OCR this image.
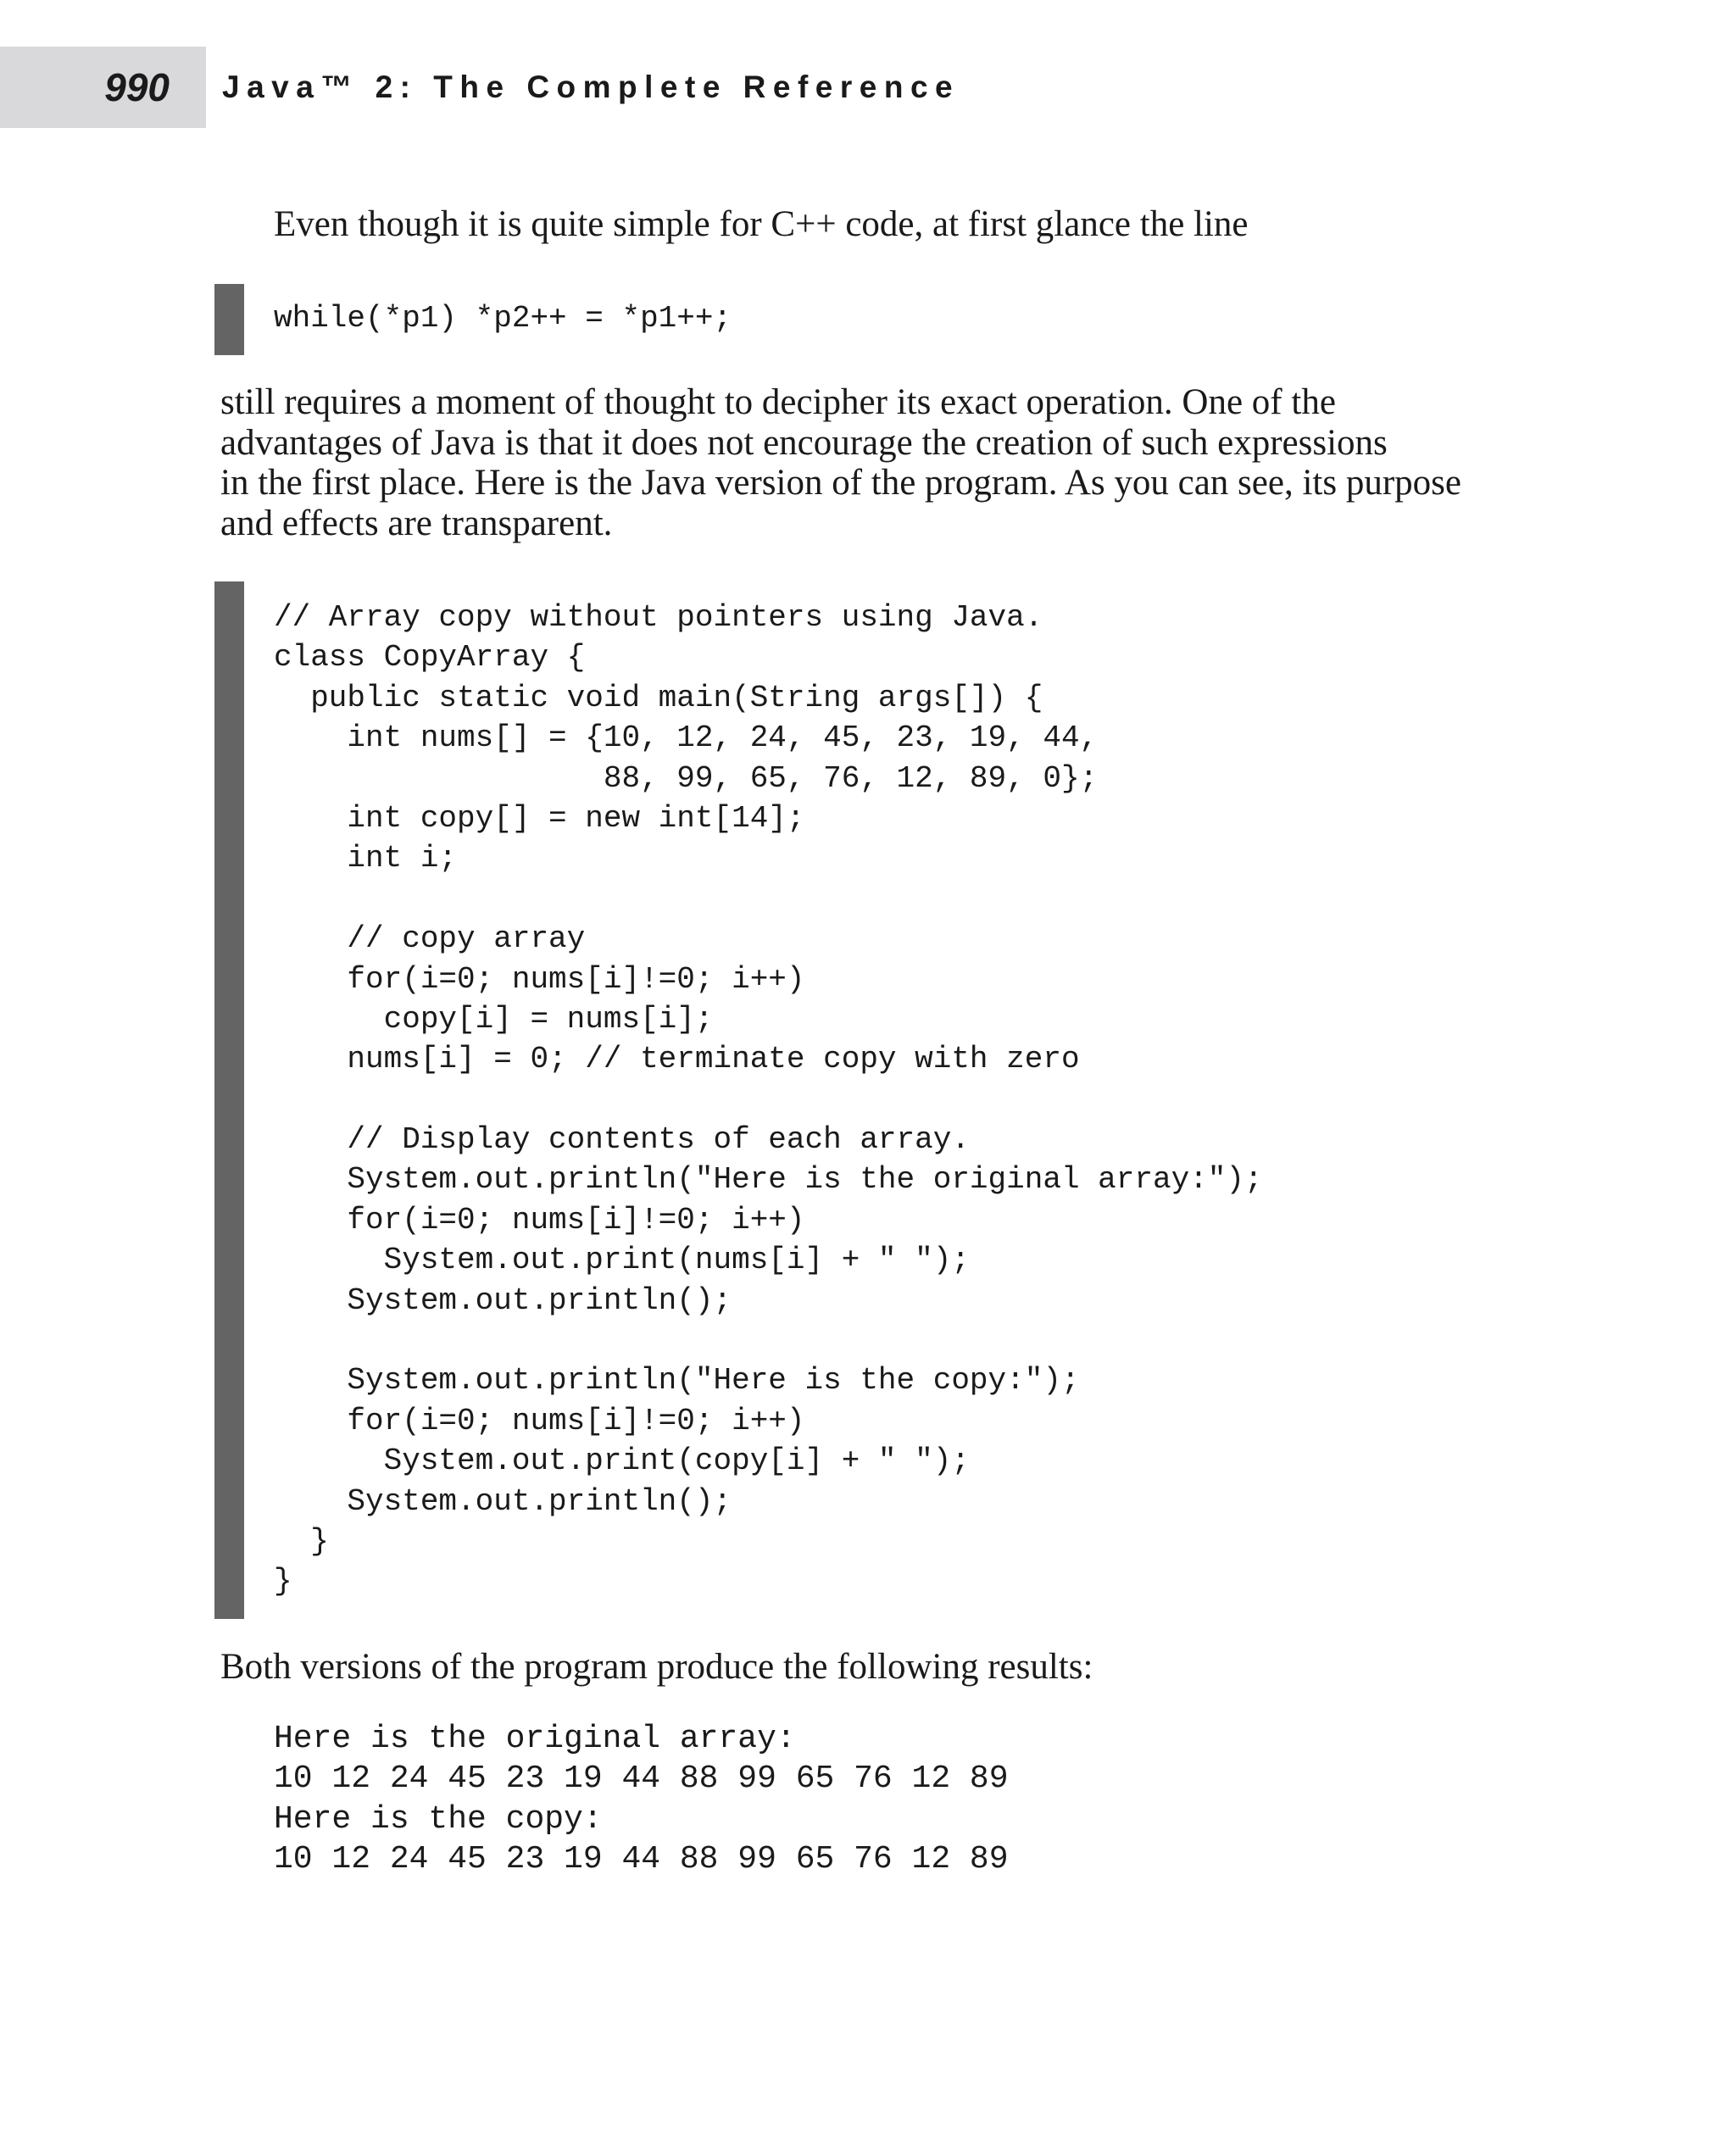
990 Java™ 2: The Complete Reference

Even though it is quite simple for C++ code, at first glance the line

while(*p1) *p2++ = *p1++;
still requires a moment of thought to decipher its exact operation. One of the
advantages of Java is that it does not encourage the creation of such expressions
in the first place. Here is the Java version of the program. As you can see, its purpose
and effects are transparent.
// Array copy without pointers using Java.
class CopyArray {
public static void main(String args[]) {
int nums[] = {10, 12, 24, 45, 23, 19, 44,
88, 99, 65, 76, 12, 89, 0};
int copy[] = new int[14];
int i;
// copy array
for(i=0; nums[i]!=0; i++)
copy[i] = nums[i];
nums[i] = 0; // terminate copy with zero
// Display contents of each array.
System.out.println("Here is the original array:");
for(i=0; nums[i]!=0; i++)
System.out.print(nums[i] + " ");
System.out.println();
System.out.println("Here is the copy:");
for(i=0; nums[i]!=0; i++)
System.out.print(copy[i] + " ");
System.out.println();
}
}

Both versions of the program produce the following results:

Here is the original array:
10 12 24 45 23 19 44 88 99 65 76 12 89
Here is the copy:
10 12 24 45 23 19 44 88 99 65 76 12 89
